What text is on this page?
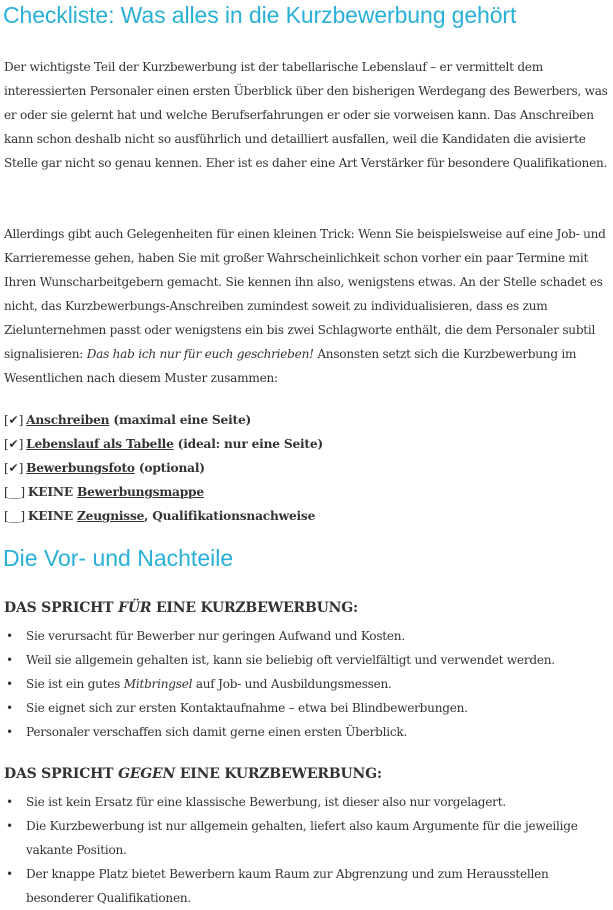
Checkliste: Was alles in die Kurzbewerbung gehört

Der wichtigste Teil der Kurzbewerbung ist der tabellarische Lebenslauf – er vermittelt dem interessierten Personaler einen ersten Überblick über den bisherigen Werdegang des Bewerbers, was er oder sie gelernt hat und welche Berufserfahrungen er oder sie vorweisen kann. Das Anschreiben kann schon deshalb nicht so ausführlich und detailliert ausfallen, weil die Kandidaten die avisierte Stelle gar nicht so genau kennen. Eher ist es daher eine Art Verstärker für besondere Qualifikationen.

Allerdings gibt auch Gelegenheiten für einen kleinen Trick: Wenn Sie beispielsweise auf eine Job- und Karrieremesse gehen, haben Sie mit großer Wahrscheinlichkeit schon vorher ein paar Termine mit Ihren Wunscharbeitgebern gemacht. Sie kennen ihn also, wenigstens etwas. An der Stelle schadet es nicht, das Kurzbewerbungs-Anschreiben zumindest soweit zu individualisieren, dass es zum Zielunternehmen passt oder wenigstens ein bis zwei Schlagworte enthält, die dem Personaler subtil signalisieren: Das hab ich nur für euch geschrieben! Ansonsten setzt sich die Kurzbewerbung im Wesentlichen nach diesem Muster zusammen:

[✔] Anschreiben (maximal eine Seite)
[✔] Lebenslauf als Tabelle (ideal: nur eine Seite)
[✔] Bewerbungsfoto (optional)
[__] KEINE Bewerbungsmappe
[__] KEINE Zeugnisse, Qualifikationsnachweise
Die Vor- und Nachteile
DAS SPRICHT FÜR EINE KURZBEWERBUNG:
• Sie verursacht für Bewerber nur geringen Aufwand und Kosten.
• Weil sie allgemein gehalten ist, kann sie beliebig oft vervielfältigt und verwendet werden.
• Sie ist ein gutes Mitbringsel auf Job- und Ausbildungsmessen.
• Sie eignet sich zur ersten Kontaktaufnahme – etwa bei Blindbewerbungen.
• Personaler verschaffen sich damit gerne einen ersten Überblick.
DAS SPRICHT GEGEN EINE KURZBEWERBUNG:
• Sie ist kein Ersatz für eine klassische Bewerbung, ist dieser also nur vorgelagert.
• Die Kurzbewerbung ist nur allgemein gehalten, liefert also kaum Argumente für die jeweilige vakante Position.
• Der knappe Platz bietet Bewerbern kaum Raum zur Abgrenzung und zum Herausstellen besonderer Qualifikationen.
